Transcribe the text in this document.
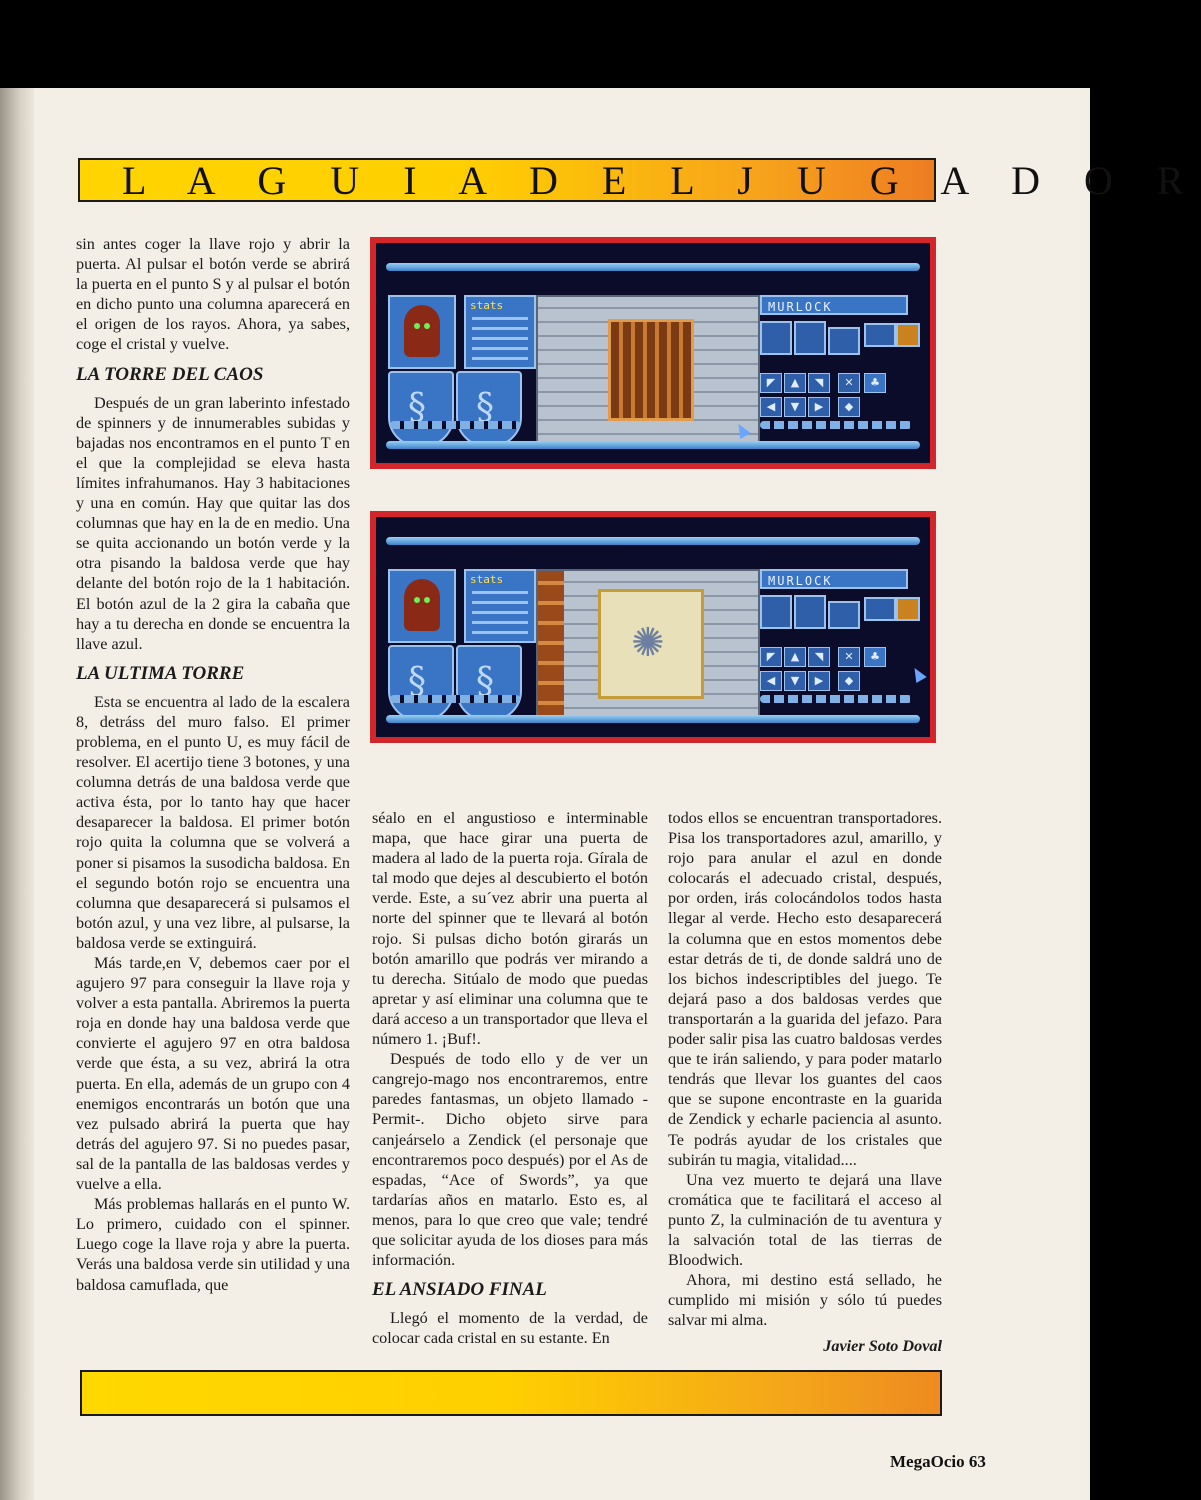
L A G U I A D E L J U G A D O R

sin antes coger la llave rojo y abrir la puerta. Al pulsar el botón verde se abrirá la puerta en el punto S y al pulsar el botón en dicho punto una columna aparecerá en el origen de los rayos. Ahora, ya sabes, coge el cristal y vuelve.

LA TORRE DEL CAOS

Después de un gran laberinto infestado de spinners y de innumerables subidas y bajadas nos encontramos en el punto T en el que la complejidad se eleva hasta límites infrahumanos. Hay 3 habitaciones y una en común. Hay que quitar las dos columnas que hay en la de en medio. Una se quita accionando un botón verde y la otra pisando la baldosa verde que hay delante del botón rojo de la 1 habitación. El botón azul de la 2 gira la cabaña que hay a tu derecha en donde se encuentra la llave azul.

LA ULTIMA TORRE

Esta se encuentra al lado de la escalera 8, detráss del muro falso. El primer problema, en el punto U, es muy fácil de resolver. El acertijo tiene 3 botones, y una columna detrás de una baldosa verde que activa ésta, por lo tanto hay que hacer desaparecer la baldosa. El primer botón rojo quita la columna que se volverá a poner si pisamos la susodicha baldosa. En el segundo botón rojo se encuentra una columna que desaparecerá si pulsamos el botón azul, y una vez libre, al pulsarse, la baldosa verde se extinguirá.

Más tarde,en V, debemos caer por el agujero 97 para conseguir la llave roja y volver a esta pantalla. Abriremos la puerta roja en donde hay una baldosa verde que convierte el agujero 97 en otra baldosa verde que ésta, a su vez, abrirá la otra puerta. En ella, además de un grupo con 4 enemigos encontrarás un botón que una vez pulsado abrirá la puerta que hay detrás del agujero 97. Si no puedes pasar, sal de la pantalla de las baldosas verdes y vuelve a ella.

Más problemas hallarás en el punto W. Lo primero, cuidado con el spinner. Luego coge la llave roja y abre la puerta. Verás una baldosa verde sin utilidad y una baldosa camuflada, que

stats
§
§	MURLOCK
◤	▲	◥
◀	▼	▶
✕	♣
◆
stats
§
§
✺	MURLOCK
◤	▲	◥
◀	▼	▶
✕	♣
◆

séalo en el angustioso e interminable mapa, que hace girar una puerta de madera al lado de la puerta roja. Gírala de tal modo que dejes al descubierto el botón verde. Este, a su´vez abrir una puerta al norte del spinner que te llevará al botón rojo. Si pulsas dicho botón girarás un botón amarillo que podrás ver mirando a tu derecha. Sitúalo de modo que puedas apretar y así eliminar una columna que te dará acceso a un transportador que lleva el número 1. ¡Buf!.

Después de todo ello y de ver un cangrejo-mago nos encontraremos, entre paredes fantasmas, un objeto llamado -Permit-. Dicho objeto sirve para canjeárselo a Zendick (el personaje que encontraremos poco después) por el As de espadas, “Ace of Swords”, ya que tardarías años en matarlo. Esto es, al menos, para lo que creo que vale; tendré que solicitar ayuda de los dioses para más información.

EL ANSIADO FINAL

Llegó el momento de la verdad, de colocar cada cristal en su estante. En

todos ellos se encuentran transportadores. Pisa los transportadores azul, amarillo, y rojo para anular el azul en donde colocarás el adecuado cristal, después, por orden, irás colocándolos todos hasta llegar al verde. Hecho esto desaparecerá la columna que en estos momentos debe estar detrás de ti, de donde saldrá uno de los bichos indescriptibles del juego. Te dejará paso a dos baldosas verdes que transportarán a la guarida del jefazo. Para poder salir pisa las cuatro baldosas verdes que te irán saliendo, y para poder matarlo tendrás que llevar los guantes del caos que se supone encontraste en la guarida de Zendick y echarle paciencia al asunto. Te podrás ayudar de los cristales que subirán tu magia, vitalidad....

Una vez muerto te dejará una llave cromática que te facilitará el acceso al punto Z, la culminación de tu aventura y la salvación total de las tierras de Bloodwich.

Ahora, mi destino está sellado, he cumplido mi misión y sólo tú puedes salvar mi alma.

Javier Soto Doval

MegaOcio 63
